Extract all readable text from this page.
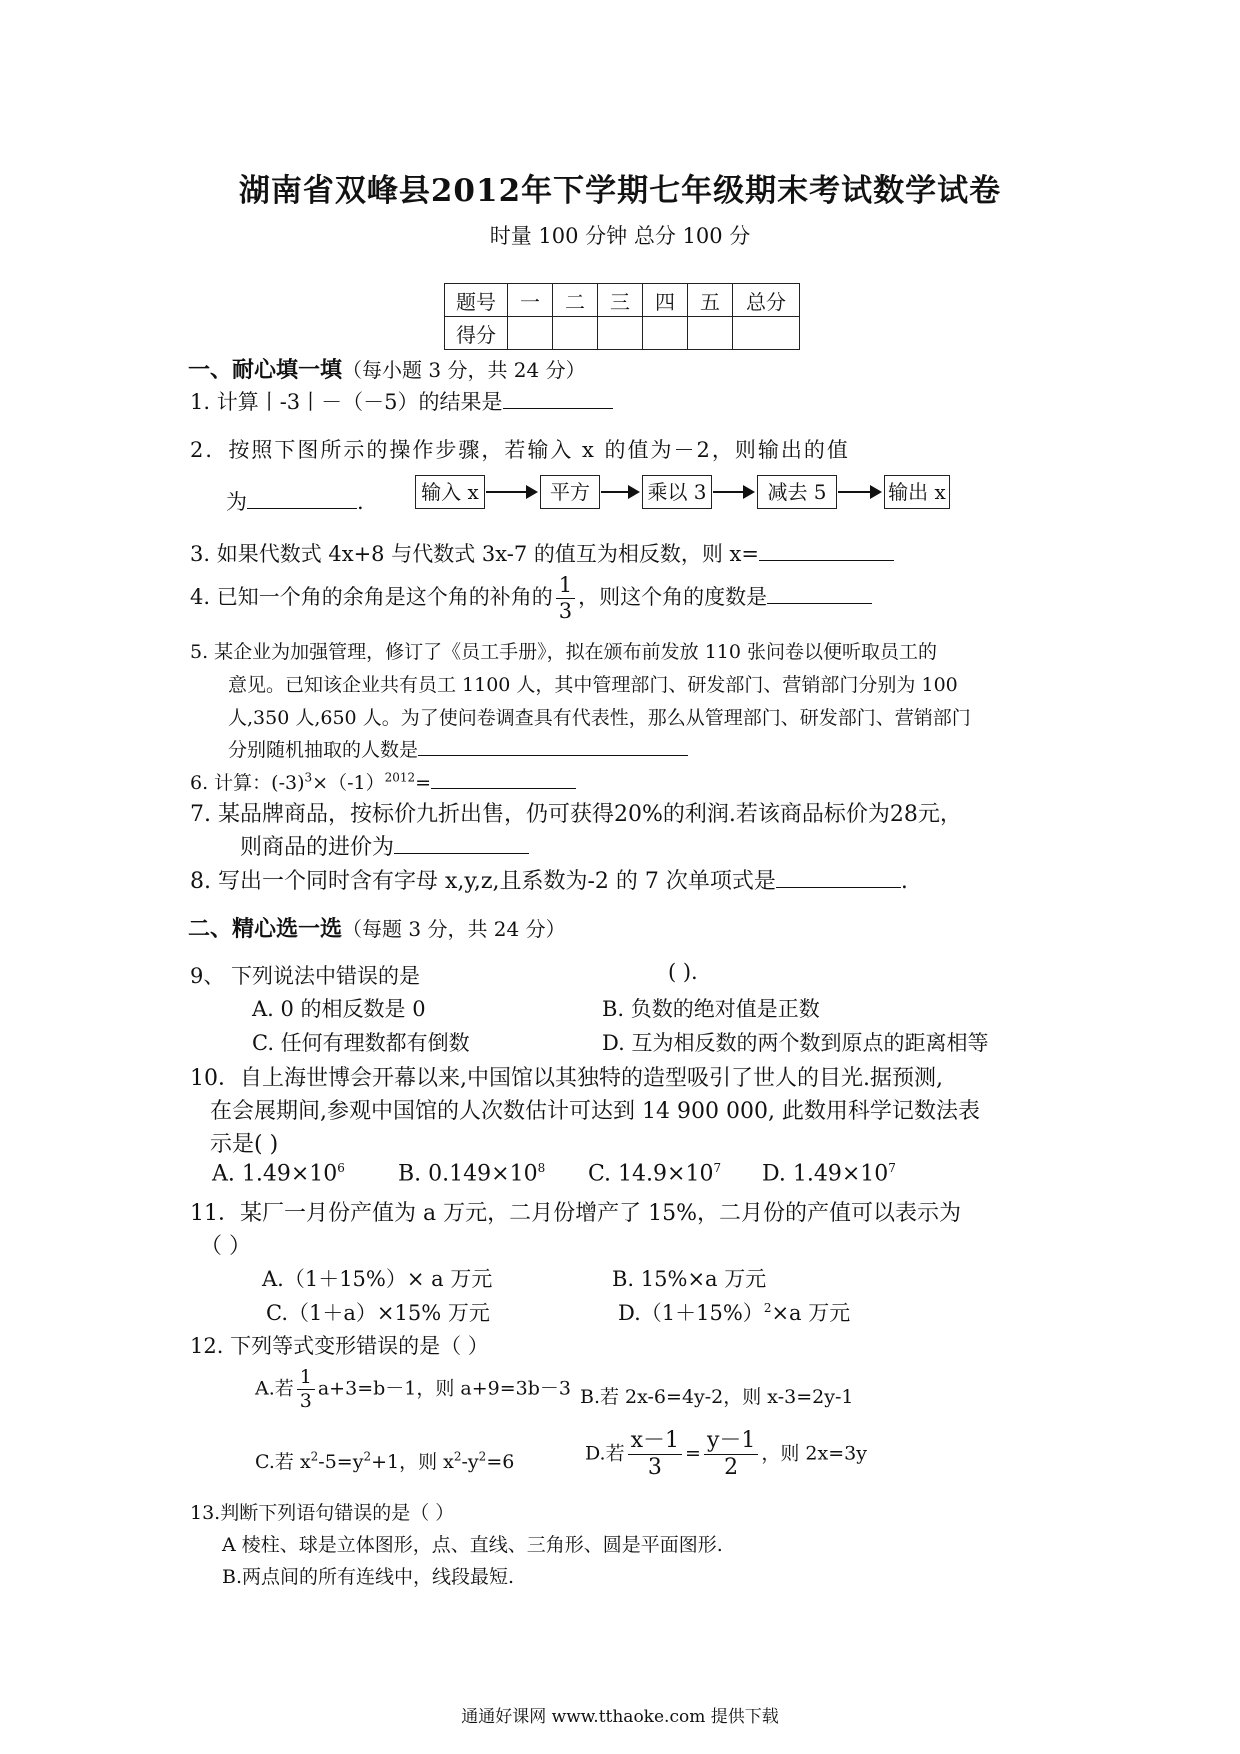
湖南省双峰县2012年下学期七年级期末考试数学试卷
时量 100 分钟 总分 100 分
题号	一	二	三	四	五	总分
得分						
一、耐心填一填（每小题 3 分，共 24 分）
1. 计算丨-3丨－（－5）的结果是
2．按照下图所示的操作步骤，若输入 x 的值为－2，则输出的值
为	.	输入 x	平方	乘以 3	减去 5	输出 x
3. 如果代数式 4x+8 与代数式 3x-7 的值互为相反数，则 x=
4. 已知一个角的余角是这个角的补角的 $\frac{1}{3}$ ，则这个角的度数是
5. 某企业为加强管理，修订了《员工手册》，拟在颁布前发放 110 张问卷以便听取员工的
意见。已知该企业共有员工 1100 人，其中管理部门、研发部门、营销部门分别为 100
人,350 人,650 人。为了使问卷调查具有代表性，那么从管理部门、研发部门、营销部门
分别随机抽取的人数是
6. 计算：$(-3)^3\times(-1)^{2012}=$
7. 某品牌商品，按标价九折出售，仍可获得20%的利润.若该商品标价为28元，
则商品的进价为
8. 写出一个同时含有字母 x,y,z,且系数为-2 的 7 次单项式是	.
二、精心选一选（每题 3 分，共 24 分）
9、 下列说法中错误的是	( ).
A. 0 的相反数是 0	B. 负数的绝对值是正数
C. 任何有理数都有倒数	D. 互为相反数的两个数到原点的距离相等
10．自上海世博会开幕以来,中国馆以其独特的造型吸引了世人的目光.据预测,
在会展期间,参观中国馆的人次数估计可达到 14 900 000, 此数用科学记数法表
示是( )
A. $1.49\times 10^6$ B. $0.149\times 10^8$ C. $14.9\times 10^7$ D. $1.49\times 10^7$
11．某厂一月份产值为 a 万元，二月份增产了 15%，二月份的产值可以表示为
（ ）
A.（1＋15%）× a 万元	B. 15%×a 万元
C.（1＋a）×15% 万元	$D.(1+15\%)^2\times a$ 万元
12. 下列等式变形错误的是（ ）
A.若 $\frac{1}{3} a+3=b-1$，则 a+9=3b－3 B.若 2x-6=4y-2，则 x-3=2y-1
C.若 $x^2-5=y^2+1$，则 $x^2-y^2=6$	D.若 $\frac{x-1}{3} = \frac{y-1}{2}$ ，则 2x=3y
13.判断下列语句错误的是（ ）
A 棱柱、球是立体图形，点、直线、三角形、圆是平面图形.
B.两点间的所有连线中，线段最短.
通通好课网 www.tthaoke.com 提供下载
